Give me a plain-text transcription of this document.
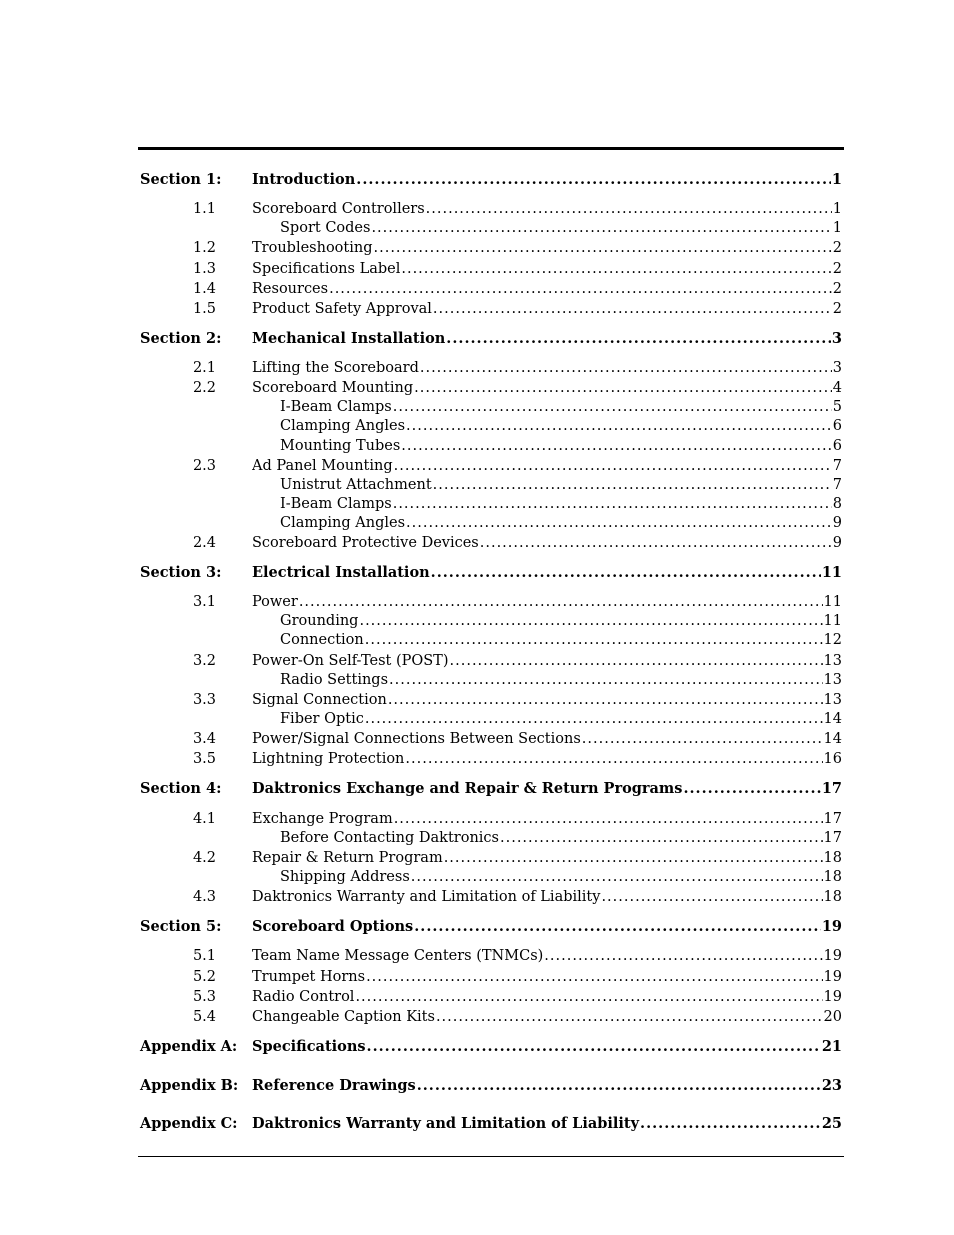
Section 1: Introduction .....	1
1.1 Scoreboard Controllers .....	1
Sport Codes .....	1
1.2 Troubleshooting .....	2
1.3 Specifications Label .....	2
1.4 Resources .....	2
1.5 Product Safety Approval .....	2
Section 2: Mechanical Installation .....	3
2.1 Lifting the Scoreboard .....	3
2.2 Scoreboard Mounting .....	4
I-Beam Clamps .....	5
Clamping Angles .....	6
Mounting Tubes .....	6
2.3 Ad Panel Mounting .....	7
Unistrut Attachment .....	7
I-Beam Clamps .....	8
Clamping Angles .....	9
2.4 Scoreboard Protective Devices .....	9
Section 3: Electrical Installation .....	11
3.1 Power .....	11
Grounding .....	11
Connection .....	12
3.2 Power-On Self-Test (POST) .....	13
Radio Settings .....	13
3.3 Signal Connection .....	13
Fiber Optic .....	14
3.4 Power/Signal Connections Between Sections .....	14
3.5 Lightning Protection .....	16
Section 4: Daktronics Exchange and Repair & Return Programs .....	17
4.1 Exchange Program .....	17
Before Contacting Daktronics .....	17
4.2 Repair & Return Program .....	18
Shipping Address .....	18
4.3 Daktronics Warranty and Limitation of Liability .....	18
Section 5: Scoreboard Options .....	19
5.1 Team Name Message Centers (TNMCs) .....	19
5.2 Trumpet Horns .....	19
5.3 Radio Control .....	19
5.4 Changeable Caption Kits .....	20
Appendix A: Specifications .....	21
Appendix B: Reference Drawings .....	23
Appendix C: Daktronics Warranty and Limitation of Liability .....	25
